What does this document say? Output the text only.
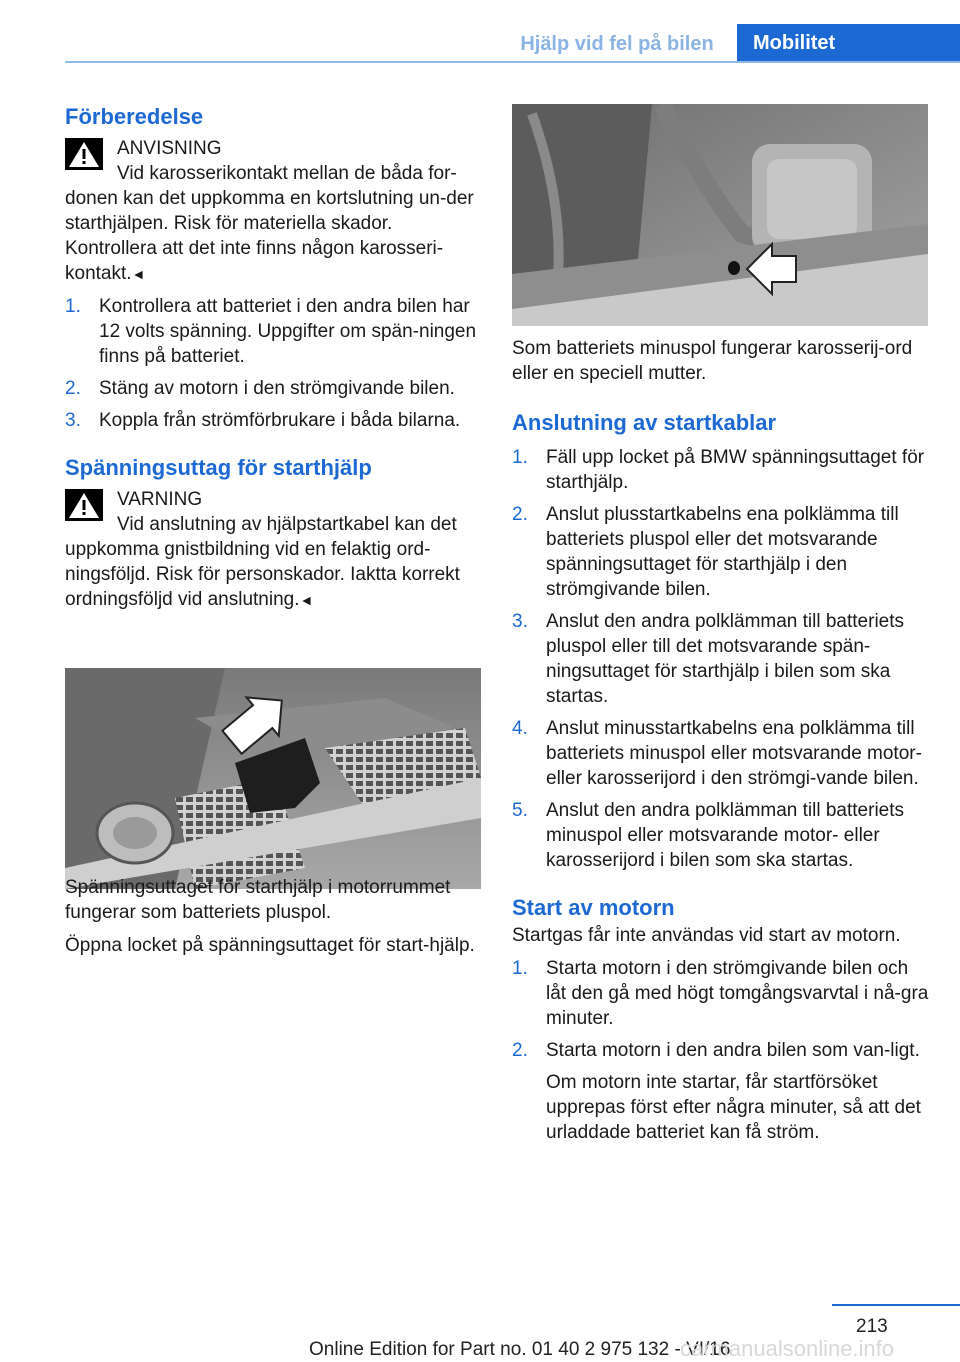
Hjälp vid fel på bilen	Mobilitet
Förberedelse

ANVISNING

Vid karosserikontakt mellan de båda for-

donen kan det uppkomma en kortslutning un-der starthjälpen. Risk för materiella skador. Kontrollera att det inte finns någon karosseri-kontakt.◄

1. Kontrollera att batteriet i den andra bilen har 12 volts spänning. Uppgifter om spän-ningen finns på batteriet.
2. Stäng av motorn i den strömgivande bilen.
3. Koppla från strömförbrukare i båda bilarna.
Spänningsuttag för starthjälp

VARNING

Vid anslutning av hjälpstartkabel kan det

uppkomma gnistbildning vid en felaktig ord-ningsföljd. Risk för personskador. Iaktta korrekt ordningsföljd vid anslutning.◄

Spänningsuttaget för starthjälp i motorrummet fungerar som batteriets pluspol.

Öppna locket på spänningsuttaget för start-hjälp.

Som batteriets minuspol fungerar karosserij-ord eller en speciell mutter.

Anslutning av startkablar
1. Fäll upp locket på BMW spänningsuttaget för starthjälp.
2. Anslut plusstartkabelns ena polklämma till batteriets pluspol eller det motsvarande spänningsuttaget för starthjälp i den strömgivande bilen.
3. Anslut den andra polklämman till batteriets pluspol eller till det motsvarande spän-ningsuttaget för starthjälp i bilen som ska startas.
4. Anslut minusstartkabelns ena polklämma till batteriets minuspol eller motsvarande motor- eller karosserijord i den strömgi-vande bilen.
5. Anslut den andra polklämman till batteriets minuspol eller motsvarande motor- eller karosserijord i bilen som ska startas.
Start av motorn

Startgas får inte användas vid start av motorn.

1. Starta motorn i den strömgivande bilen och låt den gå med högt tomgångsvarvtal i nå-gra minuter.
2. Starta motorn i den andra bilen som van-ligt.

Om motorn inte startar, får startförsöket upprepas först efter några minuter, så att det urladdade batteriet kan få ström.

213
Online Edition for Part no. 01 40 2 975 132 - VI/16
carmanualsonline.info
